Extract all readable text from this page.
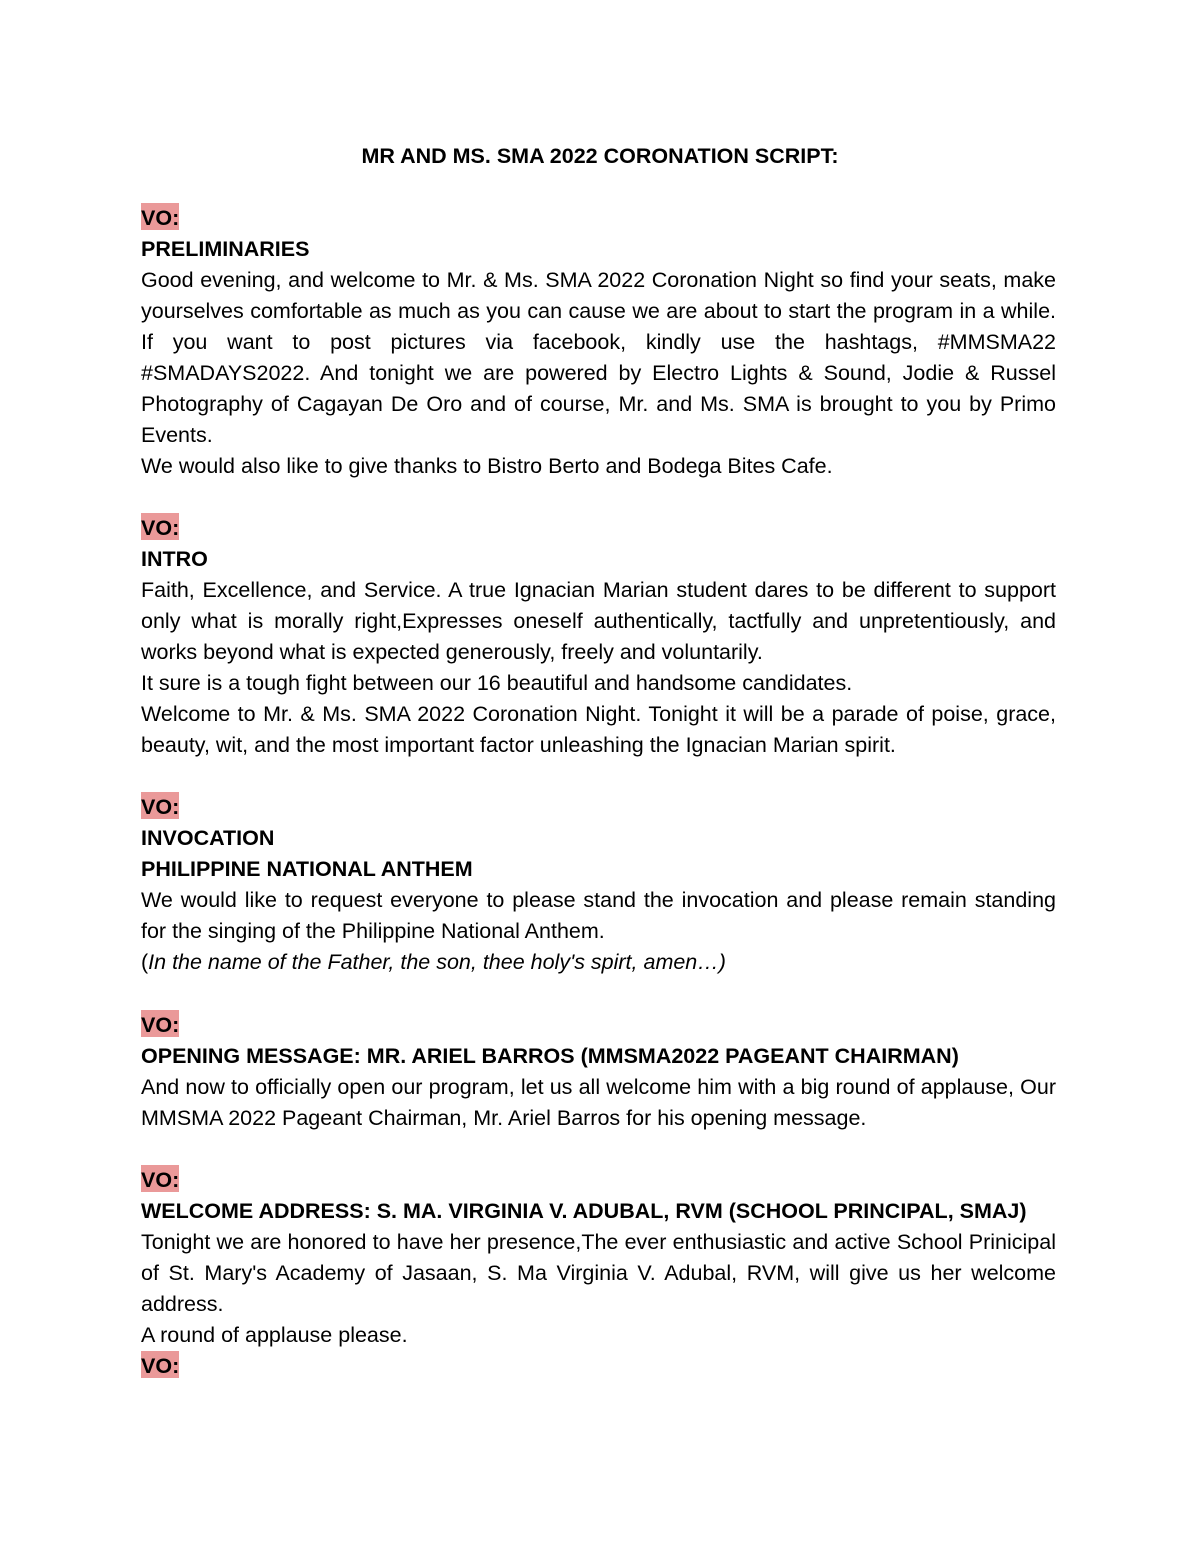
MR AND MS. SMA 2022 CORONATION SCRIPT:
VO:
PRELIMINARIES
Good evening, and welcome to Mr. & Ms. SMA 2022 Coronation Night so find your seats, make yourselves comfortable as much as you can cause we are about to start the program in a while. If you want to post pictures via facebook, kindly use the hashtags, #MMSMA22 #SMADAYS2022. And tonight we are powered by Electro Lights & Sound, Jodie & Russel Photography of Cagayan De Oro and of course, Mr. and Ms. SMA is brought to you by Primo Events.
We would also like to give thanks to Bistro Berto and Bodega Bites Cafe.
VO:
INTRO
Faith, Excellence, and Service. A true Ignacian Marian student dares to be different to support only what is morally right,Expresses oneself authentically, tactfully and unpretentiously, and works beyond what is expected generously, freely and voluntarily.
It sure is a tough fight between our 16 beautiful and handsome candidates.
Welcome to Mr. & Ms. SMA 2022 Coronation Night. Tonight it will be a parade of poise, grace, beauty, wit, and the most important factor unleashing the Ignacian Marian spirit.
VO:
INVOCATION
PHILIPPINE NATIONAL ANTHEM
We would like to request everyone to please stand the invocation and please remain standing for the singing of the Philippine National Anthem.
(In the name of the Father, the son, thee holy's spirt, amen…)
VO:
OPENING MESSAGE: MR. ARIEL BARROS (MMSMA2022 PAGEANT CHAIRMAN)
And now to officially open our program, let us all welcome him with a big round of applause, Our MMSMA 2022 Pageant Chairman, Mr. Ariel Barros for his opening message.
VO:
WELCOME ADDRESS: S. MA. VIRGINIA V. ADUBAL, RVM (SCHOOL PRINCIPAL, SMAJ)
Tonight we are honored to have her presence,The ever enthusiastic and active School Prinicipal of St. Mary's Academy of Jasaan, S. Ma Virginia V. Adubal, RVM, will give us her welcome address.
A round of applause please.
VO:
